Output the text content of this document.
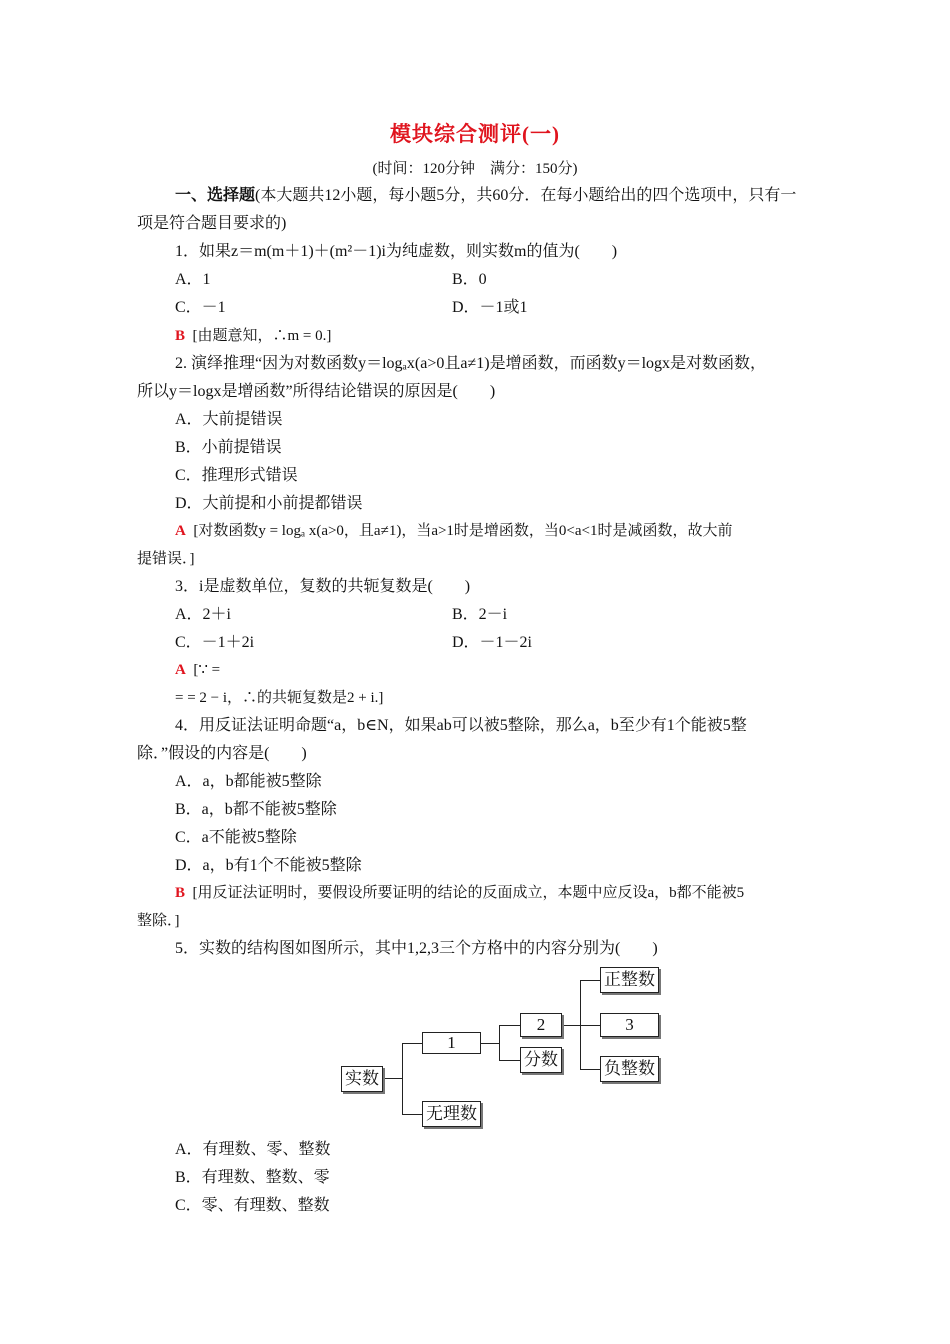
模块综合测评(一)
(时间：120分钟　满分：150分)
一、选择题(本大题共12小题，每小题5分，共60分．在每小题给出的四个选项中，只有一
项是符合题目要求的)
1．如果z＝m(m＋1)＋(m²－1)i为纯虚数，则实数m的值为(　　)
A．1	B．0
C．－1	D．－1或1
B [由题意知，∴m = 0.]
2. 演绎推理“因为对数函数y＝logₐx(a>0且a≠1)是增函数，而函数y＝logx是对数函数，
所以y＝logx是增函数”所得结论错误的原因是(　　)
A．大前提错误
B．小前提错误
C．推理形式错误
D．大前提和小前提都错误
A [对数函数y = logₐ x(a>0，且a≠1)，当a>1时是增函数，当0<a<1时是减函数，故大前
提错误．]
3．i是虚数单位，复数的共轭复数是(　　)
A．2＋i	B．2－i
C．－1＋2i	D．－1－2i
A [∵ =
= = 2 − i，∴的共轭复数是2 + i.]
4．用反证法证明命题“a，b∈N，如果ab可以被5整除，那么a，b至少有1个能被5整
除．”假设的内容是(　　)
A．a，b都能被5整除
B．a，b都不能被5整除
C．a不能被5整除
D．a，b有1个不能被5整除
B [用反证法证明时，要假设所要证明的结论的反面成立，本题中应反设a，b都不能被5
整除．]
5．实数的结构图如图所示，其中1,2,3三个方格中的内容分别为(　　)
实数
1
无理数
2
分数
正整数
3
负整数
A．有理数、零、整数
B．有理数、整数、零
C．零、有理数、整数
